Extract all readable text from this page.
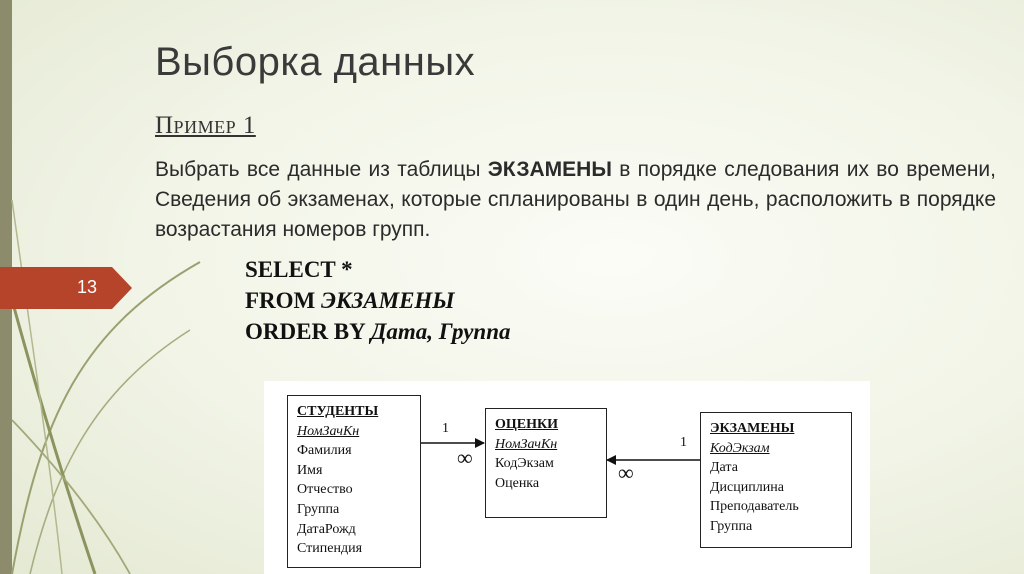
Выборка данных
Пример 1
Выбрать все данные из таблицы ЭКЗАМЕНЫ в порядке следования их во времени, Сведения об экзаменах, которые спланированы в один день, расположить в порядке возрастания номеров групп.
13
SELECT *
FROM ЭКЗАМЕНЫ
ORDER BY Дата, Группа
СТУДЕНТЫ
НомЗачКн
Фамилия
Имя
Отчество
Группа
ДатаРожд
Стипендия
ОЦЕНКИ
НомЗачКн
КодЭкзам
Оценка
ЭКЗАМЕНЫ
КодЭкзам
Дата
Дисциплина
Преподаватель
Группа
1
∞
1
∞
